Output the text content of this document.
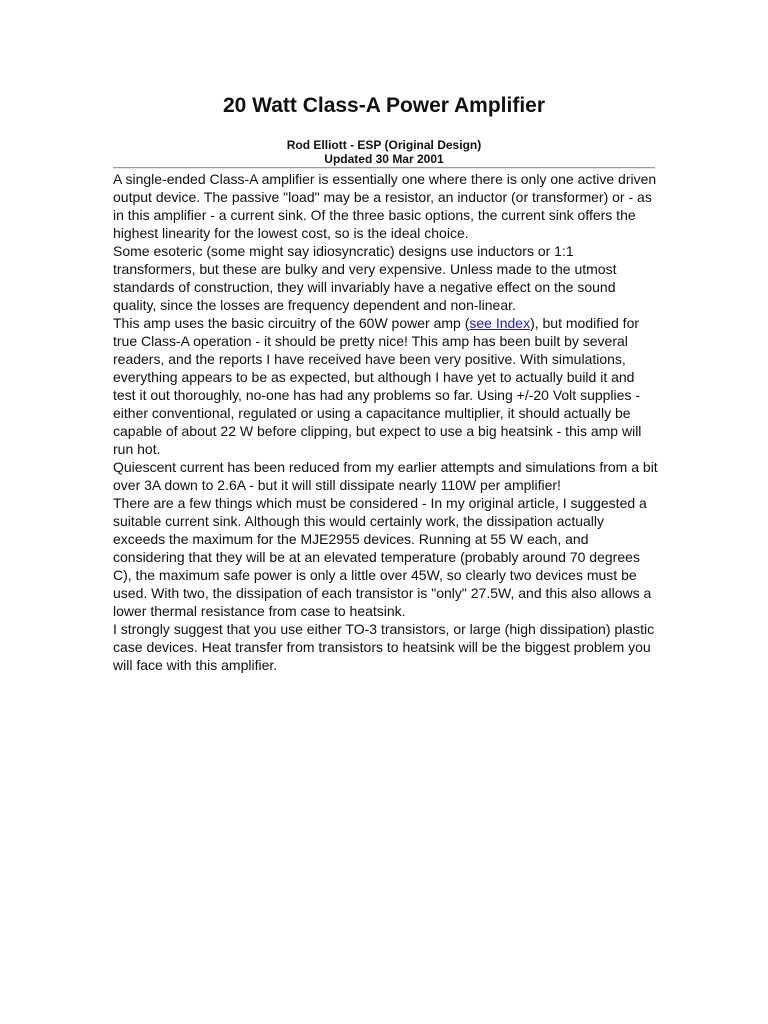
20 Watt Class-A Power Amplifier
Rod Elliott - ESP (Original Design)
Updated 30 Mar 2001

A single-ended Class-A amplifier is essentially one where there is only one active driven output device. The passive "load" may be a resistor, an inductor (or transformer) or - as in this amplifier - a current sink. Of the three basic options, the current sink offers the highest linearity for the lowest cost, so is the ideal choice.

Some esoteric (some might say idiosyncratic) designs use inductors or 1:1 transformers, but these are bulky and very expensive. Unless made to the utmost standards of construction, they will invariably have a negative effect on the sound quality, since the losses are frequency dependent and non-linear.

This amp uses the basic circuitry of the 60W power amp (see Index), but modified for true Class-A operation - it should be pretty nice! This amp has been built by several readers, and the reports I have received have been very positive. With simulations, everything appears to be as expected, but although I have yet to actually build it and test it out thoroughly, no-one has had any problems so far. Using +/-20 Volt supplies - either conventional, regulated or using a capacitance multiplier, it should actually be capable of about 22 W before clipping, but expect to use a big heatsink - this amp will run hot.

Quiescent current has been reduced from my earlier attempts and simulations from a bit over 3A down to 2.6A - but it will still dissipate nearly 110W per amplifier!

There are a few things which must be considered - In my original article, I suggested a suitable current sink. Although this would certainly work, the dissipation actually exceeds the maximum for the MJE2955 devices. Running at 55 W each, and considering that they will be at an elevated temperature (probably around 70 degrees C), the maximum safe power is only a little over 45W, so clearly two devices must be used. With two, the dissipation of each transistor is "only" 27.5W, and this also allows a lower thermal resistance from case to heatsink.

I strongly suggest that you use either TO-3 transistors, or large (high dissipation) plastic case devices. Heat transfer from transistors to heatsink will be the biggest problem you will face with this amplifier.
